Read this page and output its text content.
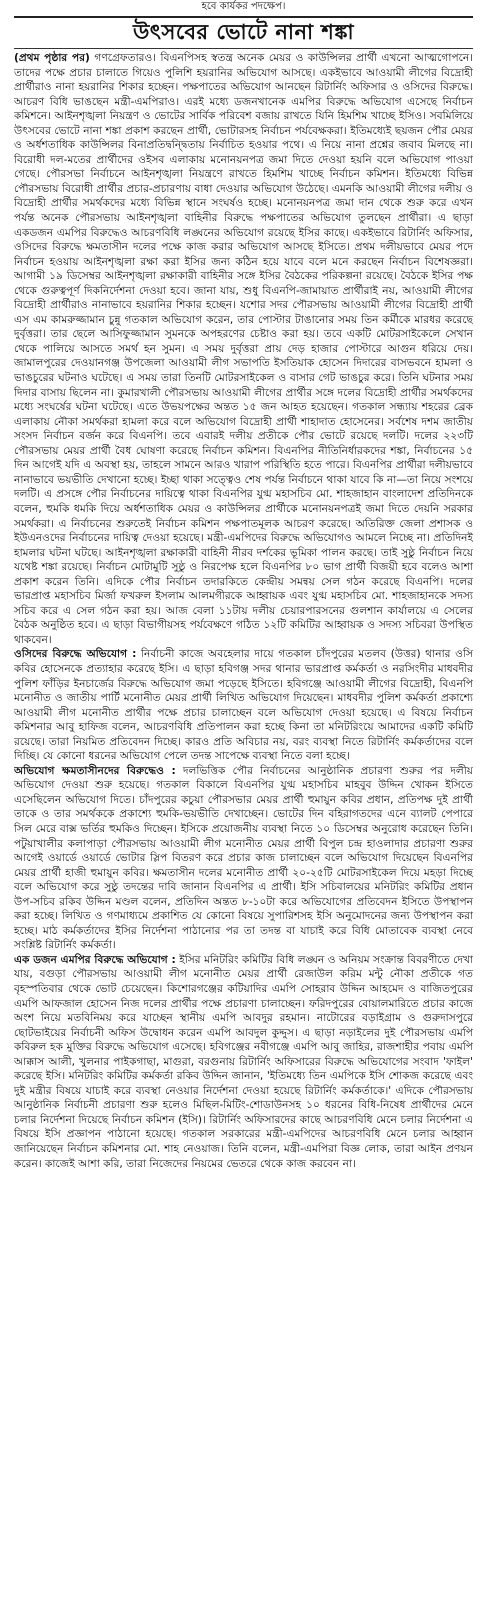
হবে কার্যকর পদক্ষেপ।
উৎসবের ভোটে নানা শঙ্কা

(প্রথম পৃষ্ঠার পর) গণগ্রেফতারও। বিএনপিসহ স্বতন্ত্র অনেক মেয়র ও কাউন্সিলর প্রার্থী এখনো আত্মগোপনে। তাদের পক্ষে প্রচার চালাতে গিয়েও পুলিশি হয়রানির অভিযোগ আসছে। একইভাবে আওয়ামী লীগের বিদ্রোহী প্রার্থীরাও নানা হয়রানির শিকার হচ্ছেন। পক্ষপাতের অভিযোগ আনছেন রিটার্নিং অফিসার ও ওসিদের বিরুদ্ধে। আচরণ বিধি ভাঙছেন মন্ত্রী-এমপিরাও। এরই মধ্যে ডজনখানেক এমপির বিরুদ্ধে অভিযোগ এসেছে নির্বাচন কমিশনে। আইনশৃঙ্খলা নিয়ন্ত্রণ ও ভোটের সার্বিক পরিবেশ বজায় রাখতে যিনি হিমশিম খাচ্ছে ইসিও। সবমিলিয়ে উৎসবের ভোটে নানা শঙ্কা প্রকাশ করছেন প্রার্থী, ভোটারসহ নির্বাচন পর্যবেক্ষকরা। ইতিমধ্যেই ছয়জন পৌর মেয়র ও অর্ধশতাধিক কাউন্সিলর বিনাপ্রতিদ্বন্দ্বিতায় নির্বাচিত হওয়ার পথে। এ নিয়ে নানা প্রশ্নের জবাব মিলছে না। বিরোধী দল-মতের প্রার্থীদের ওইসব এলাকায় মনোনয়নপত্র জমা দিতে দেওয়া হয়নি বলে অভিযোগ পাওয়া গেছে। পৌরসভা নির্বাচনে আইনশৃঙ্খলা নিয়ন্ত্রণে রাখতে হিমশিম খাচ্ছে নির্বাচন কমিশন। ইতিমধ্যে বিভিন্ন পৌরসভায় বিরোধী প্রার্থীর প্রচার-প্রচারণায় বাধা দেওয়ার অভিযোগ উঠেছে। এমনকি আওয়ামী লীগের দলীয় ও বিদ্রোহী প্রার্থীর সমর্থকদের মধ্যে বিভিন্ন স্থানে সংঘর্ষও হচ্ছে। মনোনয়নপত্র জমা দান থেকে শুরু করে এখন পর্যন্ত অনেক পৌরসভায় আইনশৃঙ্খলা বাহিনীর বিরুদ্ধে পক্ষপাতের অভিযোগ তুলছেন প্রার্থীরা। এ ছাড়া একডজন এমপির বিরুদ্ধেও আচরণবিধি লঙ্ঘনের অভিযোগ রয়েছে ইসির কাছে। একইভাবে রিটার্নিং অফিসার, ওসিদের বিরুদ্ধে ক্ষমতাসীন দলের পক্ষে কাজ করার অভিযোগ আসছে ইসিতে। প্রথম দলীয়ভাবে মেয়র পদে নির্বাচন হওয়ায় আইনশৃঙ্খলা রক্ষা করা ইসির জন্য কঠিন হয়ে যাবে বলে মনে করছেন নির্বাচন বিশেষজ্ঞরা। আগামী ১৯ ডিসেম্বর আইনশৃঙ্খলা রক্ষাকারী বাহিনীর সঙ্গে ইসির বৈঠকের পরিকল্পনা রয়েছে। বৈঠকে ইসির পক্ষ থেকে গুরুত্বপূর্ণ দিকনির্দেশনা দেওয়া হবে। জানা যায়, শুধু বিএনপি-জামায়াত প্রার্থীরাই নয়, আওয়ামী লীগের বিদ্রোহী প্রার্থীরাও নানাভাবে হয়রানির শিকার হচ্ছেন। যশোর সদর পৌরসভায় আওয়ামী লীগের বিদ্রোহী প্রার্থী এস এম কামরুজ্জামান চুন্নু গতকাল অভিযোগ করেন, তার পোস্টার টাঙানোর সময় তিন কর্মীকে মারধর করেছে দুর্বৃত্তরা। তার ছেলে আসিফুজ্জামান সুমনকে অপহরণের চেষ্টাও করা হয়। তবে একটি মোটরসাইকেলে সেখান থেকে পালিয়ে আসতে সমর্থ হন সুমন। এ সময় দুর্বৃত্তরা প্রায় দেড় হাজার পোস্টারে আগুন ধরিয়ে দেয়। জামালপুরের দেওয়ানগঞ্জ উপজেলা আওয়ামী লীগ সভাপতি ইসতিয়াক হোসেন দিদারের বাসভবনে হামলা ও ভাঙচুরের ঘটনাও ঘটেছে। এ সময় তারা তিনটি মোটরসাইকেল ও বাসার গেট ভাঙচুর করে। তিনি ঘটনার সময় দিদার বাসায় ছিলেন না। কুমারখালী পৌরসভায় আওয়ামী লীগের প্রার্থীর সঙ্গে দলের বিদ্রোহী প্রার্থীর সমর্থকদের মধ্যে সংঘর্ষের ঘটনা ঘটেছে। এতে উভয়পক্ষের অন্তত ১৫ জন আহত হয়েছেন। গতকাল সন্ধ্যায় শহরের ব্রেক এলাকায় নৌকা সমর্থকরা হামলা করে বলে অভিযোগ বিদ্রোহী প্রার্থী শাহাদাত হোসেনের। সর্বশেষ দশম জাতীয় সংসদ নির্বাচন বর্জন করে বিএনপি। তবে এবারই দলীয় প্রতীকে পৌর ভোটে রয়েছে দলটি। দলের ২২৩টি পৌরসভায় মেয়র প্রার্থী বৈধ ঘোষণা করেছে নির্বাচন কমিশন। বিএনপির নীতিনির্ধারকদের শঙ্কা, নির্বাচনের ১৫ দিন আগেই যদি এ অবস্থা হয়, তাহলে সামনে আরও খারাপ পরিস্থিতি হতে পারে। বিএনপির প্রার্থীরা দলীয়ভাবে নানাভাবে ভয়ভীতি দেখানো হচ্ছে। ইচ্ছা থাকা সত্ত্বেও শেষ পর্যন্ত নির্বাচনে থাকা যাবে কি না—তা নিয়ে সংশয়ে দলটি। এ প্রসঙ্গে পৌর নির্বাচনের দায়িত্বে থাকা বিএনপির যুগ্ম মহাসচিব মো. শাহজাহান বাংলাদেশ প্রতিদিনকে বলেন, হুমকি ধমকি দিয়ে অর্ধশতাধিক মেয়র ও কাউন্সিলর প্রার্থীকে মনোনয়নপত্রই জমা দিতে দেয়নি সরকার সমর্থকরা। এ নির্বাচনের শুরুতেই নির্বাচন কমিশন পক্ষপাতমূলক আচরণ করেছে। অতিরিক্ত জেলা প্রশাসক ও ইউএনওদের নির্বাচনের দায়িত্ব দেওয়া হয়েছে। মন্ত্রী-এমপিদের বিরুদ্ধে অভিযোগও আমলে নিচ্ছে না। প্রতিদিনই হামলার ঘটনা ঘটছে। আইনশৃঙ্খলা রক্ষাকারী বাহিনী নীরব দর্শকের ভূমিকা পালন করছে। তাই সুষ্ঠু নির্বাচন নিয়ে যথেষ্ট শঙ্কা রয়েছে। নির্বাচন মোটামুটি সুষ্ঠু ও নিরপেক্ষ হলে বিএনপির ৮০ ভাগ প্রার্থী বিজয়ী হবে বলেও আশা প্রকাশ করেন তিনি। এদিকে পৌর নির্বাচন তদারকিতে কেন্দ্রীয় সমন্বয় সেল গঠন করেছে বিএনপি। দলের ভারপ্রাপ্ত মহাসচিব মির্জা ফখরুল ইসলাম আলমগীরকে আহ্বায়ক এবং যুগ্ম মহাসচিব মো. শাহজাহানকে সদস্য সচিব করে এ সেল গঠন করা হয়। আজ বেলা ১১টায় দলীয় চেয়ারপারসনের গুলশান কার্যালয়ে এ সেলের বৈঠক অনুষ্ঠিত হবে। এ ছাড়া বিভাগীয়সহ পর্যবেক্ষণে গঠিত ১২টি কমিটির আহ্বায়ক ও সদস্য সচিবরা উপস্থিত থাকবেন।

ওসিদের বিরুদ্ধে অভিযোগ : নির্বাচনী কাজে অবহেলার দায়ে গতকাল চাঁদপুরের মতলব (উত্তর) থানার ওসি কবির হোসেনকে প্রত্যাহার করেছে ইসি। এ ছাড়া হবিগঞ্জ সদর থানার ভারপ্রাপ্ত কর্মকর্তা ও নরসিংদীর মাধবদীর পুলিশ ফাঁড়ির ইনচার্জের বিরুদ্ধে অভিযোগ জমা পড়েছে ইসিতে। হবিগঞ্জে আওয়ামী লীগের বিদ্রোহী, বিএনপি মনোনীত ও জাতীয় পার্টি মনোনীত মেয়র প্রার্থী লিখিত অভিযোগ দিয়েছেন। মাধবদীর পুলিশ কর্মকর্তা প্রকাশ্যে আওয়ামী লীগ মনোনীত প্রার্থীর পক্ষে প্রচার চালাচ্ছেন বলে অভিযোগ দেওয়া হয়েছে। এ বিষয়ে নির্বাচন কমিশনার আবু হাফিজ বলেন, আচরণবিধি প্রতিপালন করা হচ্ছে কিনা তা মনিটরিংয়ে আমাদের একটি কমিটি রয়েছে। তারা নিয়মিত প্রতিবেদন দিচ্ছে। কারও প্রতি অবিচার নয়, বরং ব্যবস্থা নিতে রিটার্নিং কর্মকর্তাদের বলে দিচ্ছি। যে কোনো ধরনের অভিযোগ পেলে তদন্ত সাপেক্ষে ব্যবস্থা নিতে বলা হচ্ছে।

অভিযোগ ক্ষমতাসীনদের বিরুদ্ধেও : দলভিত্তিক পৌর নির্বাচনের আনুষ্ঠানিক প্রচারণা শুরুর পর দলীয় অভিযোগ দেওয়া শুরু হয়েছে। গতকাল বিকালে বিএনপির যুগ্ম মহাসচিব মাহবুব উদ্দিন খোকন ইসিতে এসেছিলেন অভিযোগ দিতে। চাঁদপুরের কচুয়া পৌরসভার মেয়র প্রার্থী হুমায়ুন কবির প্রধান, প্রতিপক্ষ দুই প্রার্থী তাকে ও তার সমর্থককে প্রকাশ্যে হুমকি-ভয়ভীতি দেখাচ্ছেন। ভোটের দিন বহিরাগতদের এনে ব্যালট পেপারে সিল মেরে বাক্স ভর্তির হুমকিও দিচ্ছেন। ইসিকে প্রয়োজনীয় ব্যবস্থা নিতে ১০ ডিসেম্বর অনুরোধ করেছেন তিনি। পটুয়াখালীর কলাপাড়া পৌরসভায় আওয়ামী লীগ মনোনীত মেয়র প্রার্থী বিপুল চন্দ্র হাওলাদার প্রচারণা শুরুর আগেই ওয়ার্ডে ওয়ার্ডে ভোটার স্লিপ বিতরণ করে প্রচার কাজ চালাচ্ছেন বলে অভিযোগ দিয়েছেন বিএনপির মেয়র প্রার্থী হাজী হুমায়ুন কবির। ক্ষমতাসীন দলের মনোনীত প্রার্থী ২০-২৫টি মোটরসাইকেল দিয়ে মহড়া দিচ্ছে বলে অভিযোগ করে সুষ্ঠু তদন্তের দাবি জানান বিএনপির এ প্রার্থী। ইসি সচিবালয়ের মনিটরিং কমিটির প্রধান উপ-সচিব রকিব উদ্দিন মণ্ডল বলেন, প্রতিদিন অন্তত ৮-১০টা করে অভিযোগের প্রতিবেদন ইসিতে উপস্থাপন করা হচ্ছে। লিখিত ও গণমাধ্যমে প্রকাশিত যে কোনো বিষয়ে সুপারিশসহ ইসি অনুমোদনের জন্য উপস্থাপন করা হচ্ছে। মাঠ কর্মকর্তাদের ইসির নির্দেশনা পাঠানোর পর তা তদন্ত বা যাচাই করে বিধি মোতাবেক ব্যবস্থা নেবে সংশ্লিষ্ট রিটার্নিং কর্মকর্তা।

এক ডজন এমপির বিরুদ্ধে অভিযোগ : ইসির মনিটরিং কমিটির বিধি লঙ্ঘন ও অনিয়ম সংক্রান্ত বিবরণীতে দেখা যায়, বগুড়া পৌরসভায় আওয়ামী লীগ মনোনীত মেয়র প্রার্থী রেজাউল করিম মন্টু নৌকা প্রতীকে গত বৃহস্পতিবার থেকে ভোট চেয়েছেন। কিশোরগঞ্জের কটিয়াদির এমপি সোহরাব উদ্দিন আহমেদ ও বাজিতপুরের এমপি আফজাল হোসেন নিজ দলের প্রার্থীর পক্ষে প্রচারণা চালাচ্ছেন। ফরিদপুরের বোয়ালমারিতে প্রচার কাজে অংশ নিয়ে মতবিনিময় করে যাচ্ছেন স্থানীয় এমপি আবদুর রহমান। নাটোরের বড়াইগ্রাম ও গুরুদাসপুরে ছোটভাইয়ের নির্বাচনী অফিস উদ্বোধন করেন এমপি আবদুল কুদ্দুস। এ ছাড়া নড়াইলের দুই পৌরসভায় এমপি কবিরুল হক মুক্তির বিরুদ্ধে অভিযোগ এসেছে। হবিগঞ্জের নবীগঞ্জে এমপি আবু জাহির, রাজশাহীর পবায় এমপি আক্কাস আলী, খুলনার পাইকগাছা, মাগুরা, বরগুনায় রিটার্নিং অফিসারের বিরুদ্ধে অভিযোগের সংবাদ 'ফাইল' করেছে ইসি। মনিটরিং কমিটির কর্মকর্তা রকিব উদ্দিন জানান, 'ইতিমধ্যে তিন এমপিকে ইসি শোকজ করেছে এবং দুই মন্ত্রীর বিষয়ে যাচাই করে ব্যবস্থা নেওয়ার নির্দেশনা দেওয়া হয়েছে রিটার্নিং কর্মকর্তাকে।' এদিকে পৌরসভায় আনুষ্ঠানিক নির্বাচনী প্রচারণা শুরু হলেও মিছিল-মিটিং-শোডাউনসহ ১০ ধরনের বিধি-নিষেধ প্রার্থীদের মেনে চলার নির্দেশনা দিয়েছে নির্বাচন কমিশন (ইসি)। রিটার্নিং অফিসারদের কাছে আচরণবিধি মেনে চলার নির্দেশনা এ বিষয়ে ইসি প্রজ্ঞাপন পাঠানো হয়েছে। গতকাল সরকারের মন্ত্রী-এমপিদের আচরণবিধি মেনে চলার আহ্বান জানিয়েছেন নির্বাচন কমিশনার মো. শাহ নেওয়াজ। তিনি বলেন, মন্ত্রী-এমপিরা বিজ্ঞ লোক, তারা আইন প্রণয়ন করেন। কাজেই আশা করি, তারা নিজেদের নিয়মের ভেতরে থেকে কাজ করবেন না।
